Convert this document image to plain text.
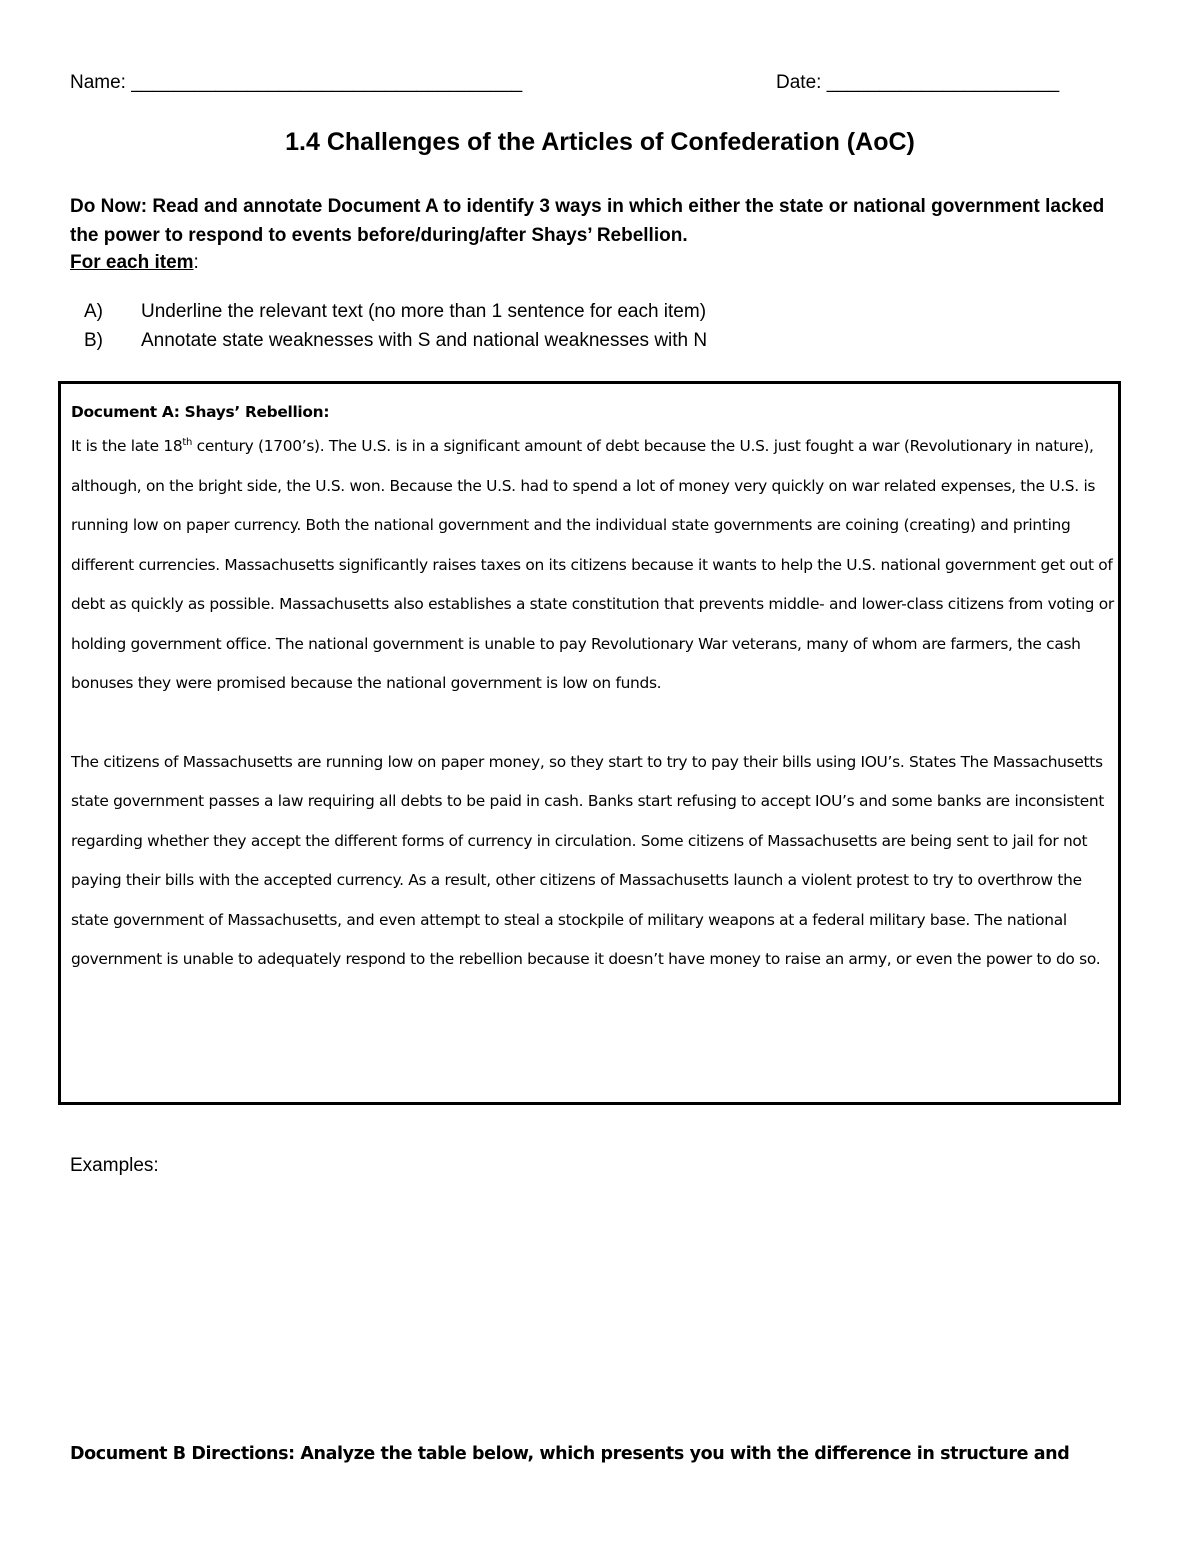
Name: _____________________________________	Date: ______________________
1.4 Challenges of the Articles of Confederation (AoC)
Do Now: Read and annotate Document A to identify 3 ways in which either the state or national government lacked the power to respond to events before/during/after Shays’ Rebellion.
For each item:
A) Underline the relevant text (no more than 1 sentence for each item)
B) Annotate state weaknesses with S and national weaknesses with N
Document A: Shays’ Rebellion:

It is the late 18th century (1700’s). The U.S. is in a significant amount of debt because the U.S. just fought a war (Revolutionary in nature), although, on the bright side, the U.S. won. Because the U.S. had to spend a lot of money very quickly on war related expenses, the U.S. is running low on paper currency. Both the national government and the individual state governments are coining (creating) and printing different currencies. Massachusetts significantly raises taxes on its citizens because it wants to help the U.S. national government get out of debt as quickly as possible. Massachusetts also establishes a state constitution that prevents middle- and lower-class citizens from voting or holding government office. The national government is unable to pay Revolutionary War veterans, many of whom are farmers, the cash bonuses they were promised because the national government is low on funds.

The citizens of Massachusetts are running low on paper money, so they start to try to pay their bills using IOU’s. States The Massachusetts state government passes a law requiring all debts to be paid in cash. Banks start refusing to accept IOU’s and some banks are inconsistent regarding whether they accept the different forms of currency in circulation. Some citizens of Massachusetts are being sent to jail for not paying their bills with the accepted currency. As a result, other citizens of Massachusetts launch a violent protest to try to overthrow the state government of Massachusetts, and even attempt to steal a stockpile of military weapons at a federal military base. The national government is unable to adequately respond to the rebellion because it doesn’t have money to raise an army, or even the power to do so.

Examples:
Document B Directions: Analyze the table below, which presents you with the difference in structure and
